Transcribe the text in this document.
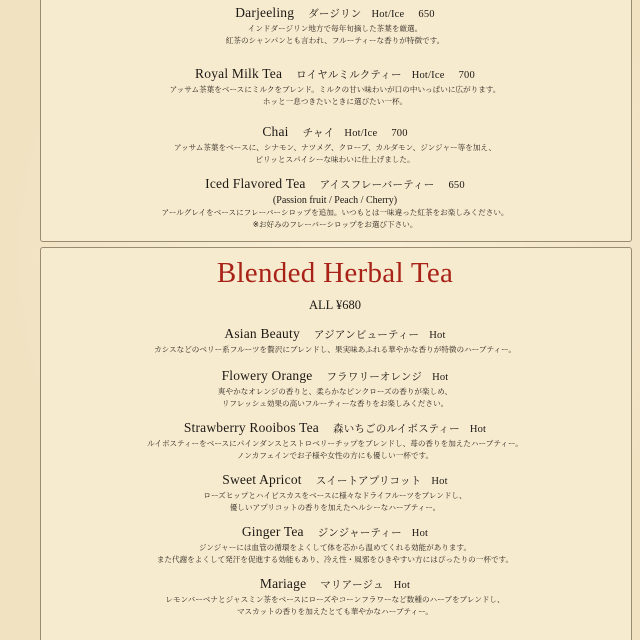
Darjeeling ダージリン Hot/Ice 650
インドダージリン地方で毎年旬摘した茶葉を厳選。
紅茶のシャンパンとも言われ、フルーティーな香りが特徴です。
Royal Milk Tea ロイヤルミルクティー Hot/Ice 700
アッサム茶葉をベースにミルクをブレンド。ミルクの甘い味わいが口の中いっぱいに広がります。
ホッと一息つきたいときに選びたい一杯。
Chai チャイ Hot/Ice 700
アッサム茶葉をベースに、シナモン、ナツメグ、クローブ、カルダモン、ジンジャー等を加え、
ピリッとスパイシーな味わいに仕上げました。
Iced Flavored Tea アイスフレーバーティー 650
(Passion fruit / Peach / Cherry)
アールグレイをベースにフレーバーシロップを追加。いつもとは一味違った紅茶をお楽しみください。
※お好みのフレーバーシロップをお選び下さい。
Blended Herbal Tea
ALL ¥680
Asian Beauty アジアンビューティー Hot
カシスなどのベリー系フルーツを贅沢にブレンドし、果実味あふれる華やかな香りが特徴のハーブティー。
Flowery Orange フラワリーオレンジ Hot
爽やかなオレンジの香りと、柔らかなピンクローズの香りが楽しめ、
リフレッシュ効果の高いフルーティーな香りをお楽しみください。
Strawberry Rooibos Tea 森いちごのルイボスティー Hot
ルイボスティーをベースにパインダンスとストロベリーチップをブレンドし、苺の香りを加えたハーブティー。
ノンカフェインでお子様や女性の方にも優しい一杯です。
Sweet Apricot スイートアプリコット Hot
ローズヒップとハイビスカスをベースに様々なドライフルーツをブレンドし、
優しいアプリコットの香りを加えたヘルシーなハーブティー。
Ginger Tea ジンジャーティー Hot
ジンジャーには血管の循環をよくして体を芯から温めてくれる効能があります。
また代謝をよくして発汗を促進する効能もあり、冷え性・風邪をひきやすい方にはぴったりの一杯です。
Mariage マリアージュ Hot
レモンバーベナとジャスミン茶をベースにローズやコーンフラワーなど数種のハーブをブレンドし、
マスカットの香りを加えたとても華やかなハーブティー。
